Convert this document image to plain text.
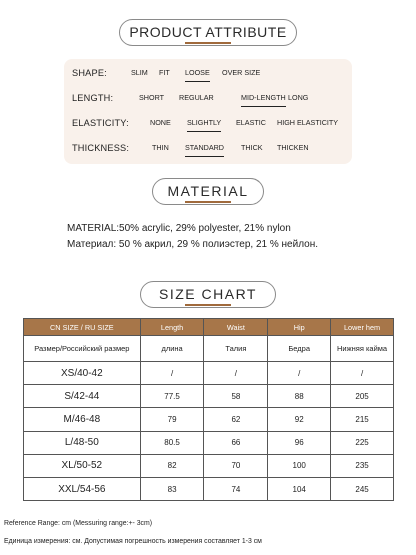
PRODUCT ATTRIBUTE
SHAPE:	SLIM FIT LOOSE OVER SIZE
LENGTH:	SHORT REGULAR	MID-LENGTH LONG
ELASTICITY:	NONE SLIGHTLY ELASTIC HIGH ELASTICITY
THICKNESS:	THIN STANDARD THICK THICKEN
MATERIAL
MATERIAL:50% acrylic, 29% polyester, 21% nylon
Материал: 50 % акрил, 29 % полиэстер, 21 % нейлон.
SIZE CHART
CN SIZE / RU SIZE	Length	Waist	Hip	Lower hem
Размер/Российский размер	длина	Талия	Бедра	Нижняя кайма
XS/40-42	/	/	/	/
S/42-44	77.5	58	88	205
M/46-48	79	62	92	215
L/48-50	80.5	66	96	225
XL/50-52	82	70	100	235
XXL/54-56	83	74	104	245
Reference Range: cm (Messuring range:+- 3cm)
Единица измерения: см. Допустимая погрешность измерения составляет 1-3 см
